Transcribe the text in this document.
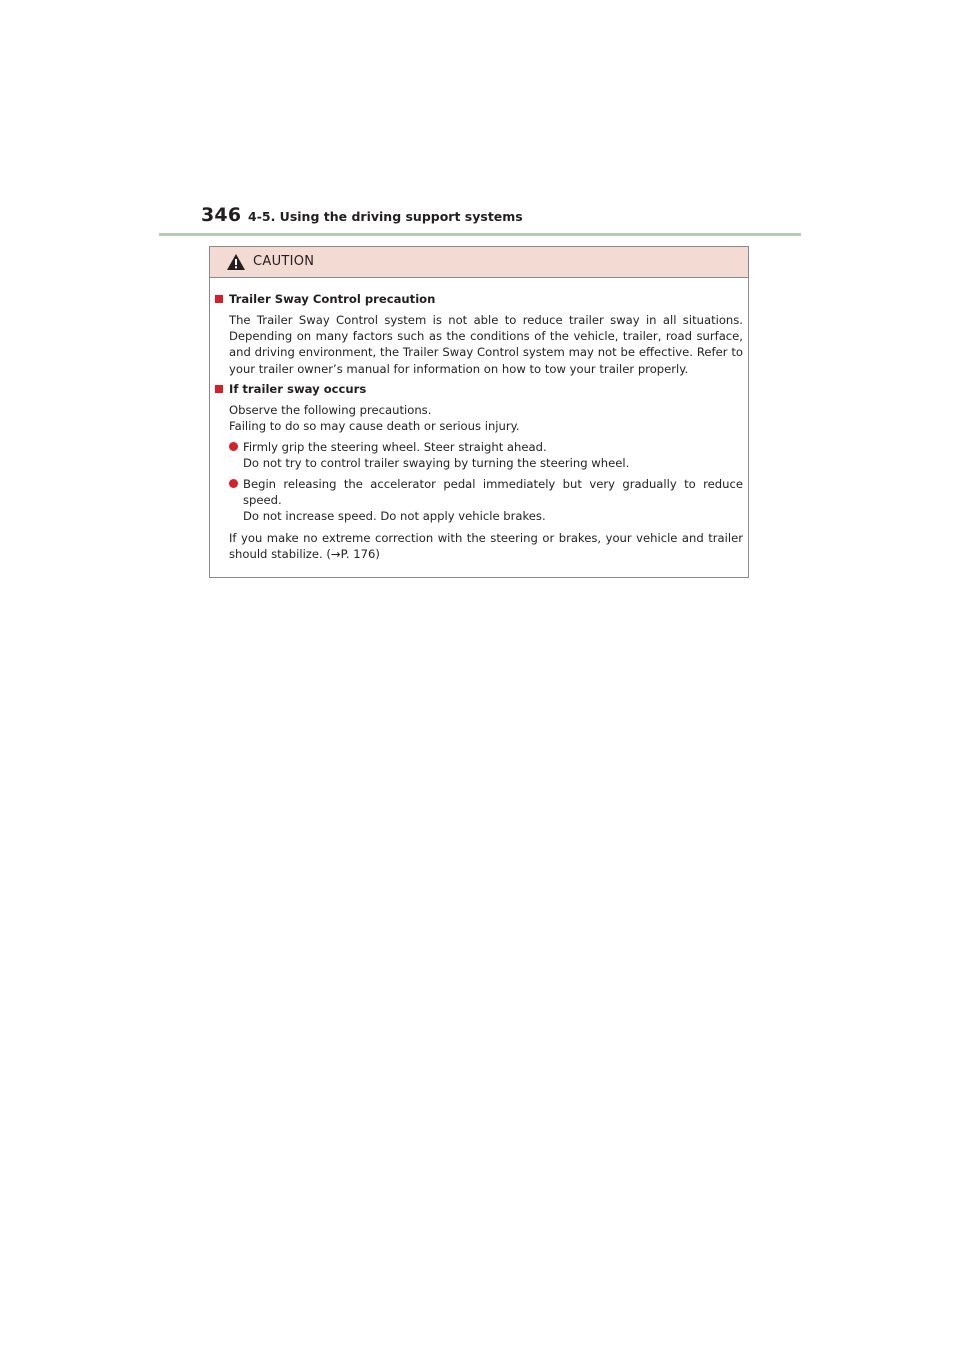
346 4-5. Using the driving support systems
CAUTION
Trailer Sway Control precaution
The Trailer Sway Control system is not able to reduce trailer sway in all situations.
Depending on many factors such as the conditions of the vehicle, trailer, road surface,
and driving environment, the Trailer Sway Control system may not be effective. Refer to
your trailer owner’s manual for information on how to tow your trailer properly.
If trailer sway occurs
Observe the following precautions.
Failing to do so may cause death or serious injury.
Firmly grip the steering wheel. Steer straight ahead.
Do not try to control trailer swaying by turning the steering wheel.
Begin releasing the accelerator pedal immediately but very gradually to reduce
speed.
Do not increase speed. Do not apply vehicle brakes.
If you make no extreme correction with the steering or brakes, your vehicle and trailer
should stabilize. (→P. 176)
